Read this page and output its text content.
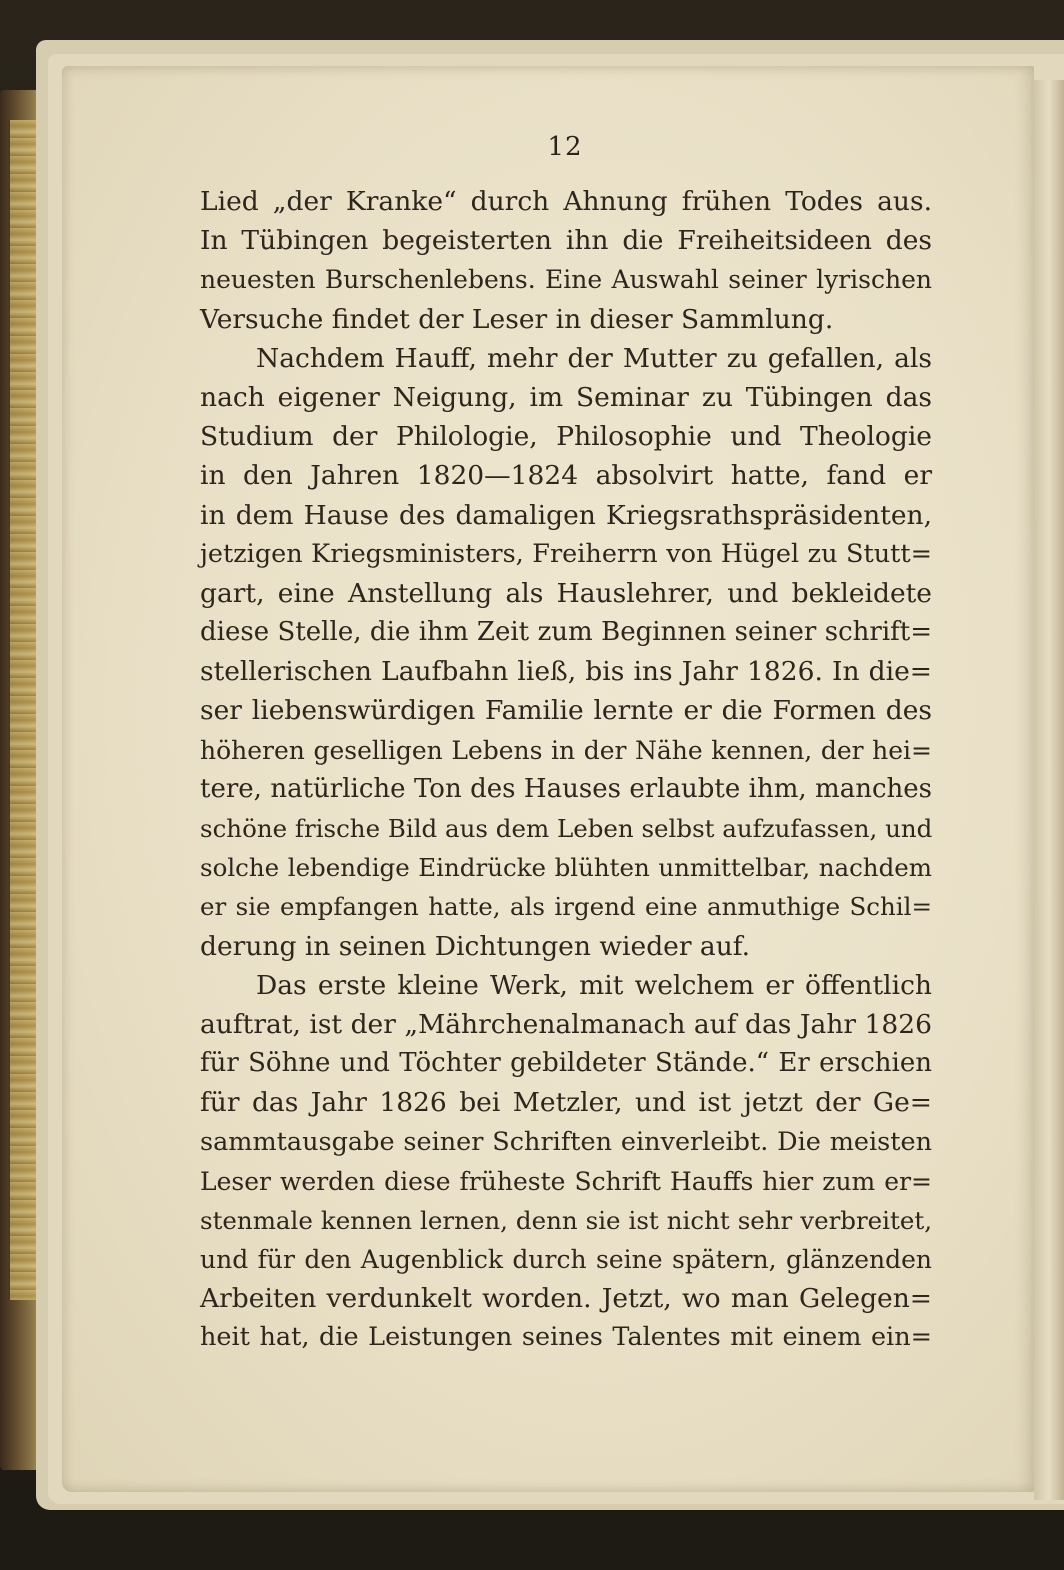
12
Lied „der Kranke“ durch Ahnung frühen Todes aus.
In Tübingen begeisterten ihn die Freiheitsideen des
neuesten Burschenlebens. Eine Auswahl seiner lyrischen
Versuche findet der Leser in dieser Sammlung.
Nachdem Hauff, mehr der Mutter zu gefallen, als
nach eigener Neigung, im Seminar zu Tübingen das
Studium der Philologie, Philosophie und Theologie
in den Jahren 1820—1824 absolvirt hatte, fand er
in dem Hause des damaligen Kriegsrathspräsidenten,
jetzigen Kriegsministers, Freiherrn von Hügel zu Stutt=
gart, eine Anstellung als Hauslehrer, und bekleidete
diese Stelle, die ihm Zeit zum Beginnen seiner schrift=
stellerischen Laufbahn ließ, bis ins Jahr 1826. In die=
ser liebenswürdigen Familie lernte er die Formen des
höheren geselligen Lebens in der Nähe kennen, der hei=
tere, natürliche Ton des Hauses erlaubte ihm, manches
schöne frische Bild aus dem Leben selbst aufzufassen, und
solche lebendige Eindrücke blühten unmittelbar, nachdem
er sie empfangen hatte, als irgend eine anmuthige Schil=
derung in seinen Dichtungen wieder auf.
Das erste kleine Werk, mit welchem er öffentlich
auftrat, ist der „Mährchenalmanach auf das Jahr 1826
für Söhne und Töchter gebildeter Stände.“ Er erschien
für das Jahr 1826 bei Metzler, und ist jetzt der Ge=
sammtausgabe seiner Schriften einverleibt. Die meisten
Leser werden diese früheste Schrift Hauffs hier zum er=
stenmale kennen lernen, denn sie ist nicht sehr verbreitet,
und für den Augenblick durch seine spätern, glänzenden
Arbeiten verdunkelt worden. Jetzt, wo man Gelegen=
heit hat, die Leistungen seines Talentes mit einem ein=
